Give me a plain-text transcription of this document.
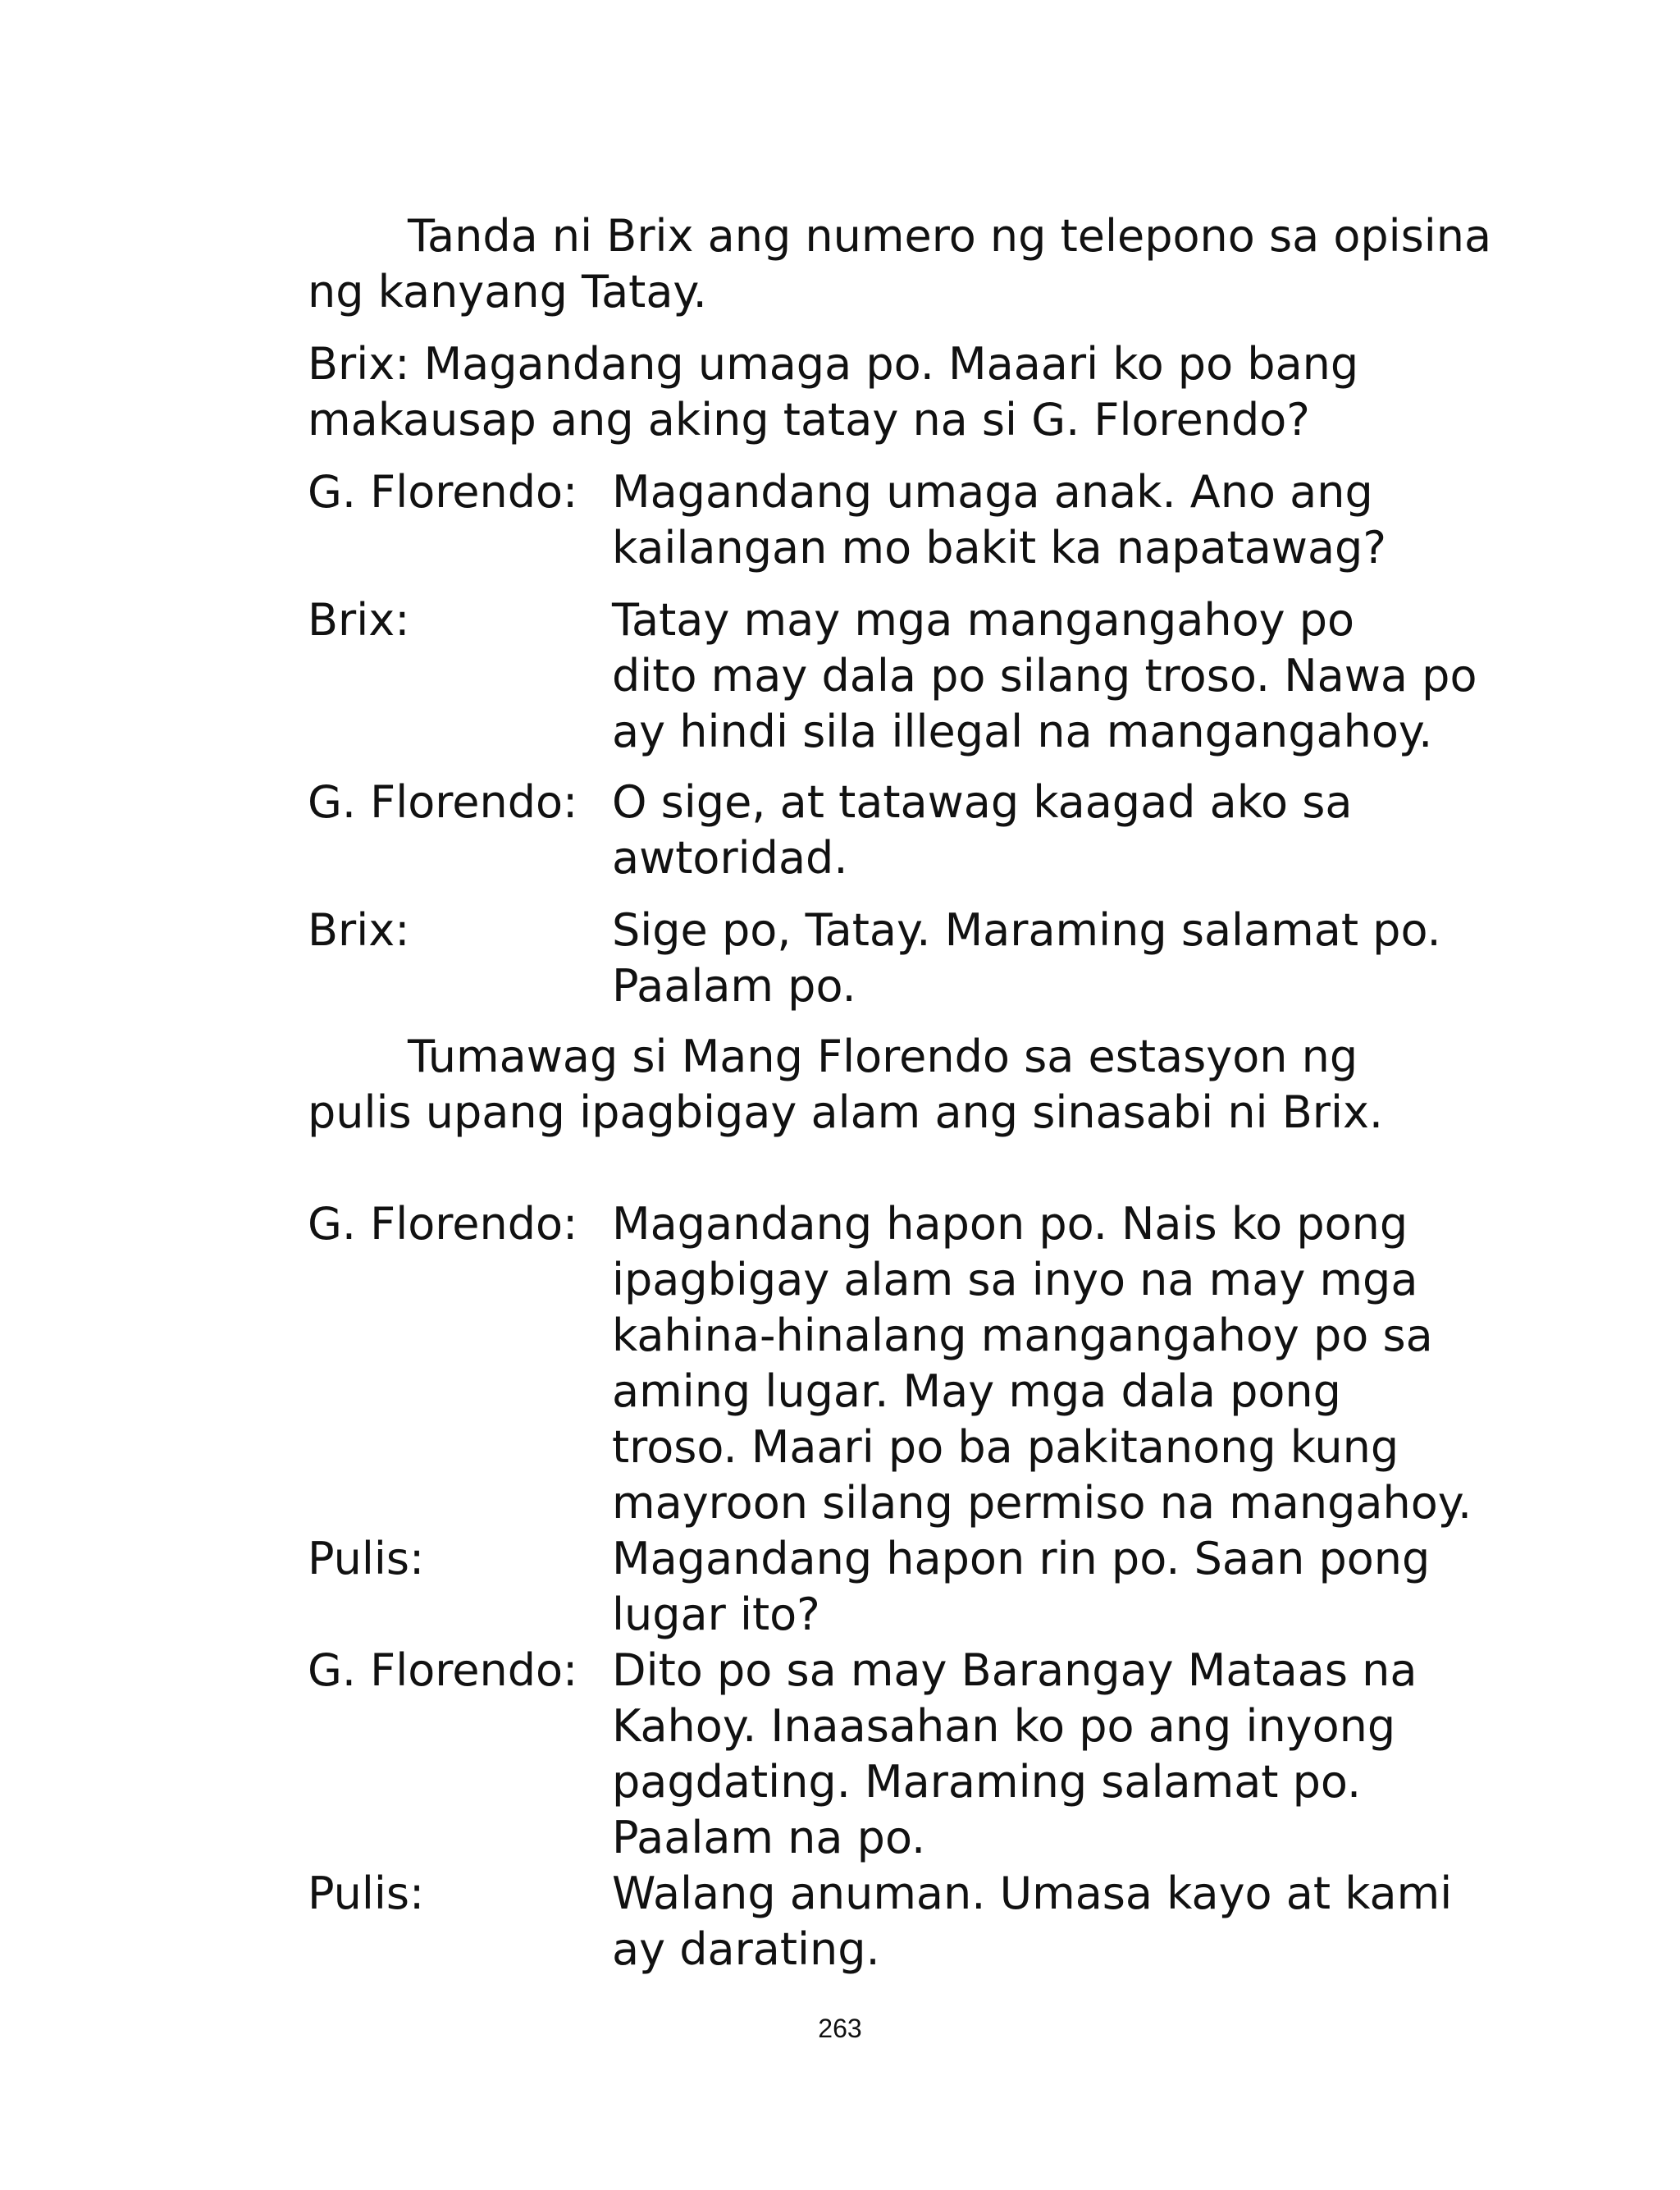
Tanda ni Brix ang numero ng telepono sa opisina
ng kanyang Tatay.
Brix: Magandang umaga po. Maaari ko po bang
makausap ang aking tatay na si G. Florendo?
G. Florendo: Magandang umaga anak. Ano ang
kailangan mo bakit ka napatawag?
Brix:	Tatay may mga mangangahoy po
dito may dala po silang troso. Nawa po
ay hindi sila illegal na mangangahoy.
G. Florendo: O sige, at tatawag kaagad ako sa
awtoridad.
Brix:	Sige po, Tatay. Maraming salamat po.
Paalam po.
Tumawag si Mang Florendo sa estasyon ng
pulis upang ipagbigay alam ang sinasabi ni Brix.
G. Florendo: Magandang hapon po. Nais ko pong
ipagbigay alam sa inyo na may mga
kahina-hinalang mangangahoy po sa
aming lugar. May mga dala pong
troso. Maari po ba pakitanong kung
mayroon silang permiso na mangahoy.
Pulis:	Magandang hapon rin po. Saan pong
lugar ito?
G. Florendo: Dito po sa may Barangay Mataas na
Kahoy. Inaasahan ko po ang inyong
pagdating. Maraming salamat po.
Paalam na po.
Pulis:	Walang anuman. Umasa kayo at kami
ay darating.
263
